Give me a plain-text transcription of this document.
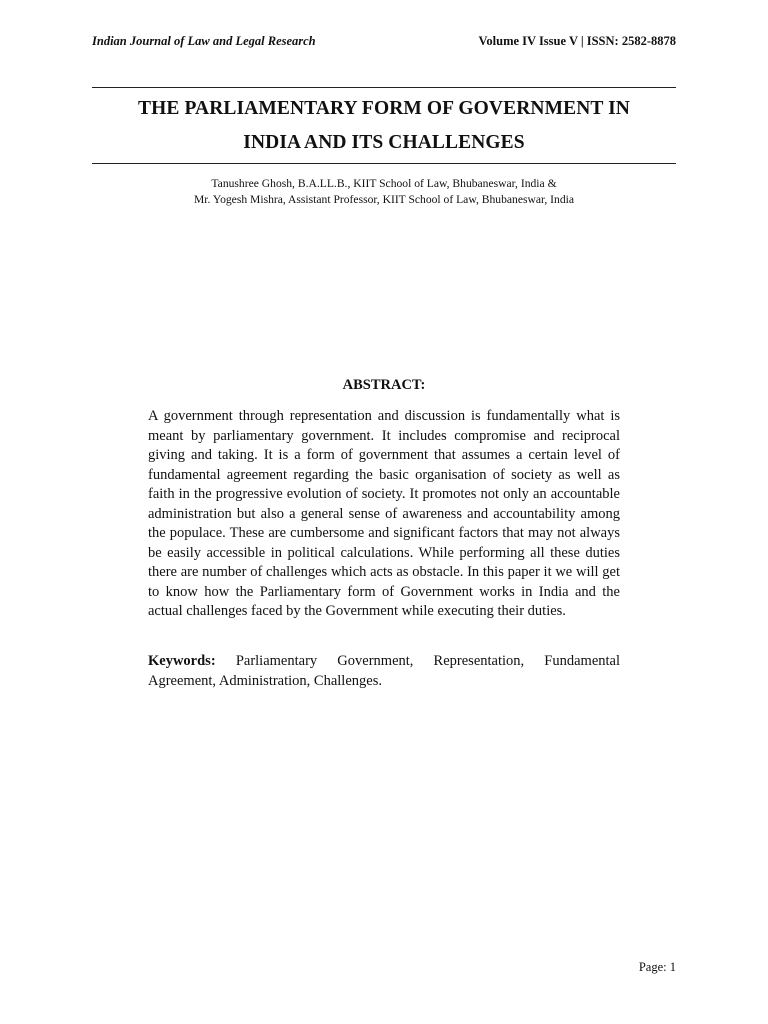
Indian Journal of Law and Legal Research	Volume IV Issue V | ISSN: 2582-8878
THE PARLIAMENTARY FORM OF GOVERNMENT IN
INDIA AND ITS CHALLENGES
Tanushree Ghosh, B.A.LL.B., KIIT School of Law, Bhubaneswar, India &
Mr. Yogesh Mishra, Assistant Professor, KIIT School of Law, Bhubaneswar, India
ABSTRACT:

A government through representation and discussion is fundamentally what is meant by parliamentary government. It includes compromise and reciprocal giving and taking. It is a form of government that assumes a certain level of fundamental agreement regarding the basic organisation of society as well as faith in the progressive evolution of society. It promotes not only an accountable administration but also a general sense of awareness and accountability among the populace. These are cumbersome and significant factors that may not always be easily accessible in political calculations. While performing all these duties there are number of challenges which acts as obstacle. In this paper it we will get to know how the Parliamentary form of Government works in India and the actual challenges faced by the Government while executing their duties.

Keywords: Parliamentary Government, Representation, Fundamental Agreement, Administration, Challenges.

Page: 1
